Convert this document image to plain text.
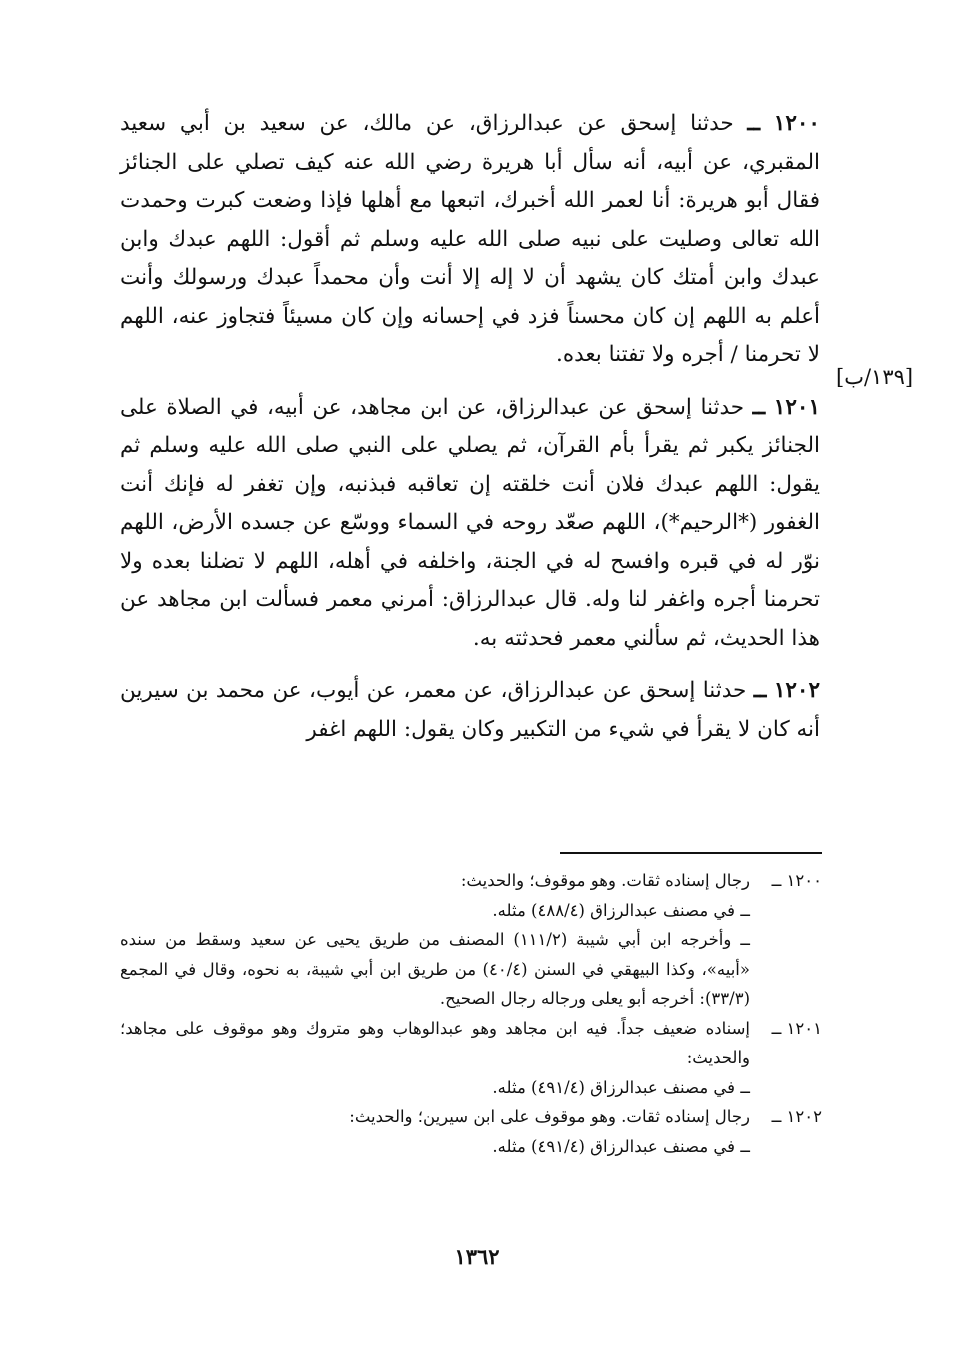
١٢٠٠ ــ حدثنا إسحق عن عبدالرزاق، عن مالك، عن سعيد بن أبي سعيد المقبري، عن أبيه، أنه سأل أبا هريرة رضي الله عنه كيف تصلي على الجنائز فقال أبو هريرة: أنا لعمر الله أخبرك، اتبعها مع أهلها فإذا وضعت كبرت وحمدت الله تعالى وصليت على نبيه صلى الله عليه وسلم ثم أقول: اللهم عبدك وابن عبدك وابن أمتك كان يشهد أن لا إله إلا أنت وأن محمداً عبدك ورسولك وأنت أعلم به اللهم إن كان محسناً فزد في إحسانه وإن كان مسيئاً فتجاوز عنه، اللهم لا تحرمنا / أجره ولا تفتنا بعده.

١٢٠١ ــ حدثنا إسحق عن عبدالرزاق، عن ابن مجاهد، عن أبيه، في الصلاة على الجنائز يكبر ثم يقرأ بأم القرآن، ثم يصلي على النبي صلى الله عليه وسلم ثم يقول: اللهم عبدك فلان أنت خلقته إن تعاقبه فبذنبه، وإن تغفر له فإنك أنت الغفور (*الرحيم*)، اللهم صعّد روحه في السماء ووسّع عن جسده الأرض، اللهم نوّر له في قبره وافسح له في الجنة، واخلفه في أهله، اللهم لا تضلنا بعده ولا تحرمنا أجره واغفر لنا وله. قال عبدالرزاق: أمرني معمر فسألت ابن مجاهد عن هذا الحديث، ثم سألني معمر فحدثته به.

١٢٠٢ ــ حدثنا إسحق عن عبدالرزاق، عن معمر، عن أيوب، عن محمد بن سيرين أنه كان لا يقرأ في شيء من التكبير وكان يقول: اللهم اغفر

[١٣٩/ب]
١٢٠٠ ــ

رجال إسناده ثقات. وهو موقوف؛ والحديث:

ــ في مصنف عبدالرزاق (٤٨٨/٤) مثله.

ــ وأخرجه ابن أبي شيبة (١١١/٢) المصنف من طريق يحيى عن سعيد وسقط من سنده «أبيه»، وكذا البيهقي في السنن (٤٠/٤) من طريق ابن أبي شيبة، به نحوه، وقال في المجمع (٣٣/٣): أخرجه أبو يعلى ورجاله رجال الصحيح.

١٢٠١ ــ

إسناده ضعيف جداً. فيه ابن مجاهد وهو عبدالوهاب وهو متروك وهو موقوف على مجاهد؛ والحديث:

ــ في مصنف عبدالرزاق (٤٩١/٤) مثله.

١٢٠٢ ــ

رجال إسناده ثقات. وهو موقوف على ابن سيرين؛ والحديث:

ــ في مصنف عبدالرزاق (٤٩١/٤) مثله.

١٣٦٢
